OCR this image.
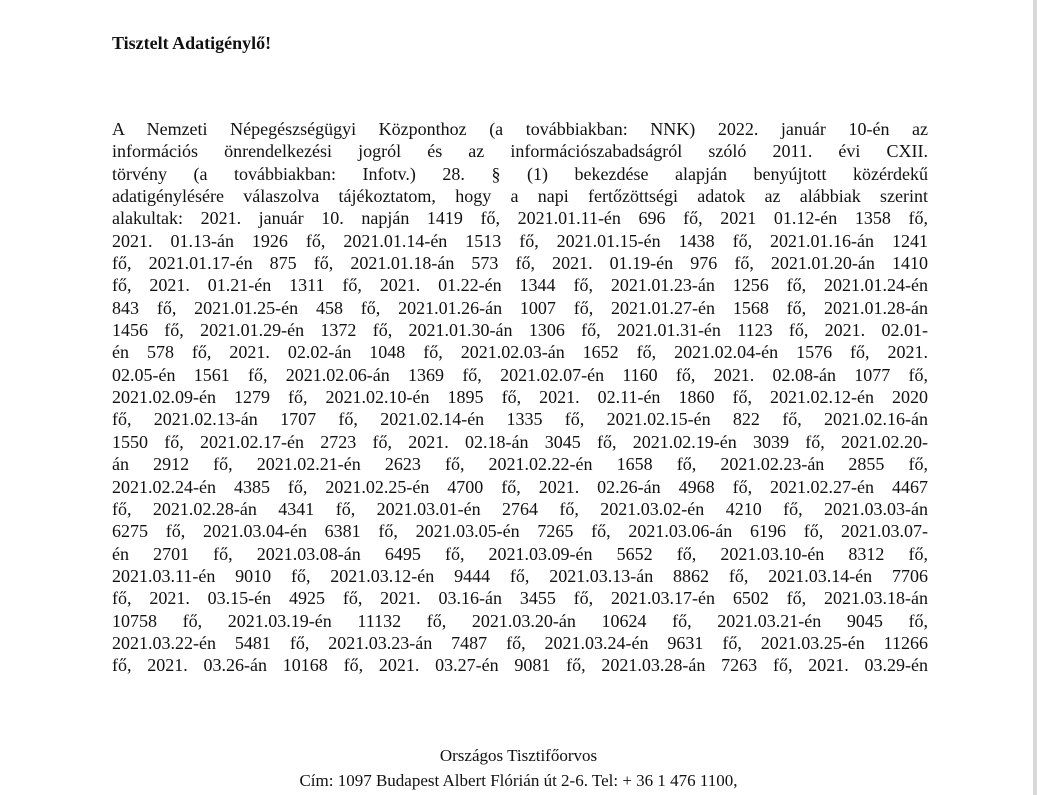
Tisztelt Adatigénylő!

A Nemzeti Népegészségügyi Központhoz (a továbbiakban: NNK) 2022. január 10-én az
információs önrendelkezési jogról és az információszabadságról szóló 2011. évi CXII.
törvény (a továbbiakban: Infotv.) 28. § (1) bekezdése alapján benyújtott közérdekű
adatigénylésére válaszolva tájékoztatom, hogy a napi fertőzöttségi adatok az alábbiak szerint
alakultak: 2021. január 10. napján 1419 fő, 2021.01.11-én 696 fő, 2021 01.12-én 1358 fő,
2021. 01.13-án 1926 fő, 2021.01.14-én 1513 fő, 2021.01.15-én 1438 fő, 2021.01.16-án 1241
fő, 2021.01.17-én 875 fő, 2021.01.18-án 573 fő, 2021. 01.19-én 976 fő, 2021.01.20-án 1410
fő, 2021. 01.21-én 1311 fő, 2021. 01.22-én 1344 fő, 2021.01.23-án 1256 fő, 2021.01.24-én
843 fő, 2021.01.25-én 458 fő, 2021.01.26-án 1007 fő, 2021.01.27-én 1568 fő, 2021.01.28-án
1456 fő, 2021.01.29-én 1372 fő, 2021.01.30-án 1306 fő, 2021.01.31-én 1123 fő, 2021. 02.01-
én 578 fő, 2021. 02.02-án 1048 fő, 2021.02.03-án 1652 fő, 2021.02.04-én 1576 fő, 2021.
02.05-én 1561 fő, 2021.02.06-án 1369 fő, 2021.02.07-én 1160 fő, 2021. 02.08-án 1077 fő,
2021.02.09-én 1279 fő, 2021.02.10-én 1895 fő, 2021. 02.11-én 1860 fő, 2021.02.12-én 2020
fő, 2021.02.13-án 1707 fő, 2021.02.14-én 1335 fő, 2021.02.15-én 822 fő, 2021.02.16-án
1550 fő, 2021.02.17-én 2723 fő, 2021. 02.18-án 3045 fő, 2021.02.19-én 3039 fő, 2021.02.20-
án 2912 fő, 2021.02.21-én 2623 fő, 2021.02.22-én 1658 fő, 2021.02.23-án 2855 fő,
2021.02.24-én 4385 fő, 2021.02.25-én 4700 fő, 2021. 02.26-án 4968 fő, 2021.02.27-én 4467
fő, 2021.02.28-án 4341 fő, 2021.03.01-én 2764 fő, 2021.03.02-én 4210 fő, 2021.03.03-án
6275 fő, 2021.03.04-én 6381 fő, 2021.03.05-én 7265 fő, 2021.03.06-án 6196 fő, 2021.03.07-
én 2701 fő, 2021.03.08-án 6495 fő, 2021.03.09-én 5652 fő, 2021.03.10-én 8312 fő,
2021.03.11-én 9010 fő, 2021.03.12-én 9444 fő, 2021.03.13-án 8862 fő, 2021.03.14-én 7706
fő, 2021. 03.15-én 4925 fő, 2021. 03.16-án 3455 fő, 2021.03.17-én 6502 fő, 2021.03.18-án
10758 fő, 2021.03.19-én 11132 fő, 2021.03.20-án 10624 fő, 2021.03.21-én 9045 fő,
2021.03.22-én 5481 fő, 2021.03.23-án 7487 fő, 2021.03.24-én 9631 fő, 2021.03.25-én 11266
fő, 2021. 03.26-án 10168 fő, 2021. 03.27-én 9081 fő, 2021.03.28-án 7263 fő, 2021. 03.29-én
Országos Tisztifőorvos
Cím: 1097 Budapest Albert Flórián út 2-6. Tel: + 36 1 476 1100,
